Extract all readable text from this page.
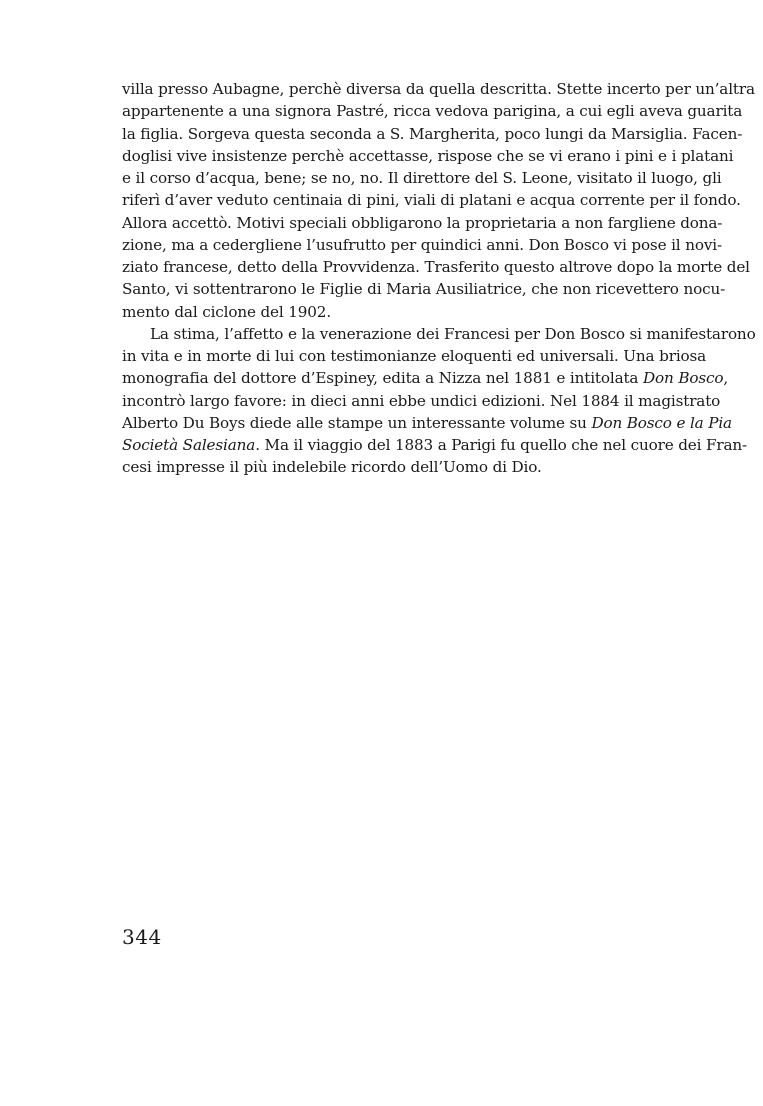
villa presso Aubagne, perchè diversa da quella descritta. Stette incerto per un’altra
appartenente a una signora Pastré, ricca vedova parigina, a cui egli aveva guarita
la figlia. Sorgeva questa seconda a S. Margherita, poco lungi da Marsiglia. Facen-
doglisi vive insistenze perchè accettasse, rispose che se vi erano i pini e i platani
e il corso d’acqua, bene; se no, no. Il direttore del S. Leone, visitato il luogo, gli
riferì d’aver veduto centinaia di pini, viali di platani e acqua corrente per il fondo.
Allora accettò. Motivi speciali obbligarono la proprietaria a non fargliene dona-
zione, ma a cedergliene l’usufrutto per quindici anni. Don Bosco vi pose il novi-
ziato francese, detto della Provvidenza. Trasferito questo altrove dopo la morte del
Santo, vi sottentrarono le Figlie di Maria Ausiliatrice, che non ricevettero nocu-
mento dal ciclone del 1902.
La stima, l’affetto e la venerazione dei Francesi per Don Bosco si manifestarono
in vita e in morte di lui con testimonianze eloquenti ed universali. Una briosa
monografia del dottore d’Espiney, edita a Nizza nel 1881 e intitolata Don Bosco,
incontrò largo favore: in dieci anni ebbe undici edizioni. Nel 1884 il magistrato
Alberto Du Boys diede alle stampe un interessante volume su Don Bosco e la Pia
Società Salesiana. Ma il viaggio del 1883 a Parigi fu quello che nel cuore dei Fran-
cesi impresse il più indelebile ricordo dell’Uomo di Dio.
344
